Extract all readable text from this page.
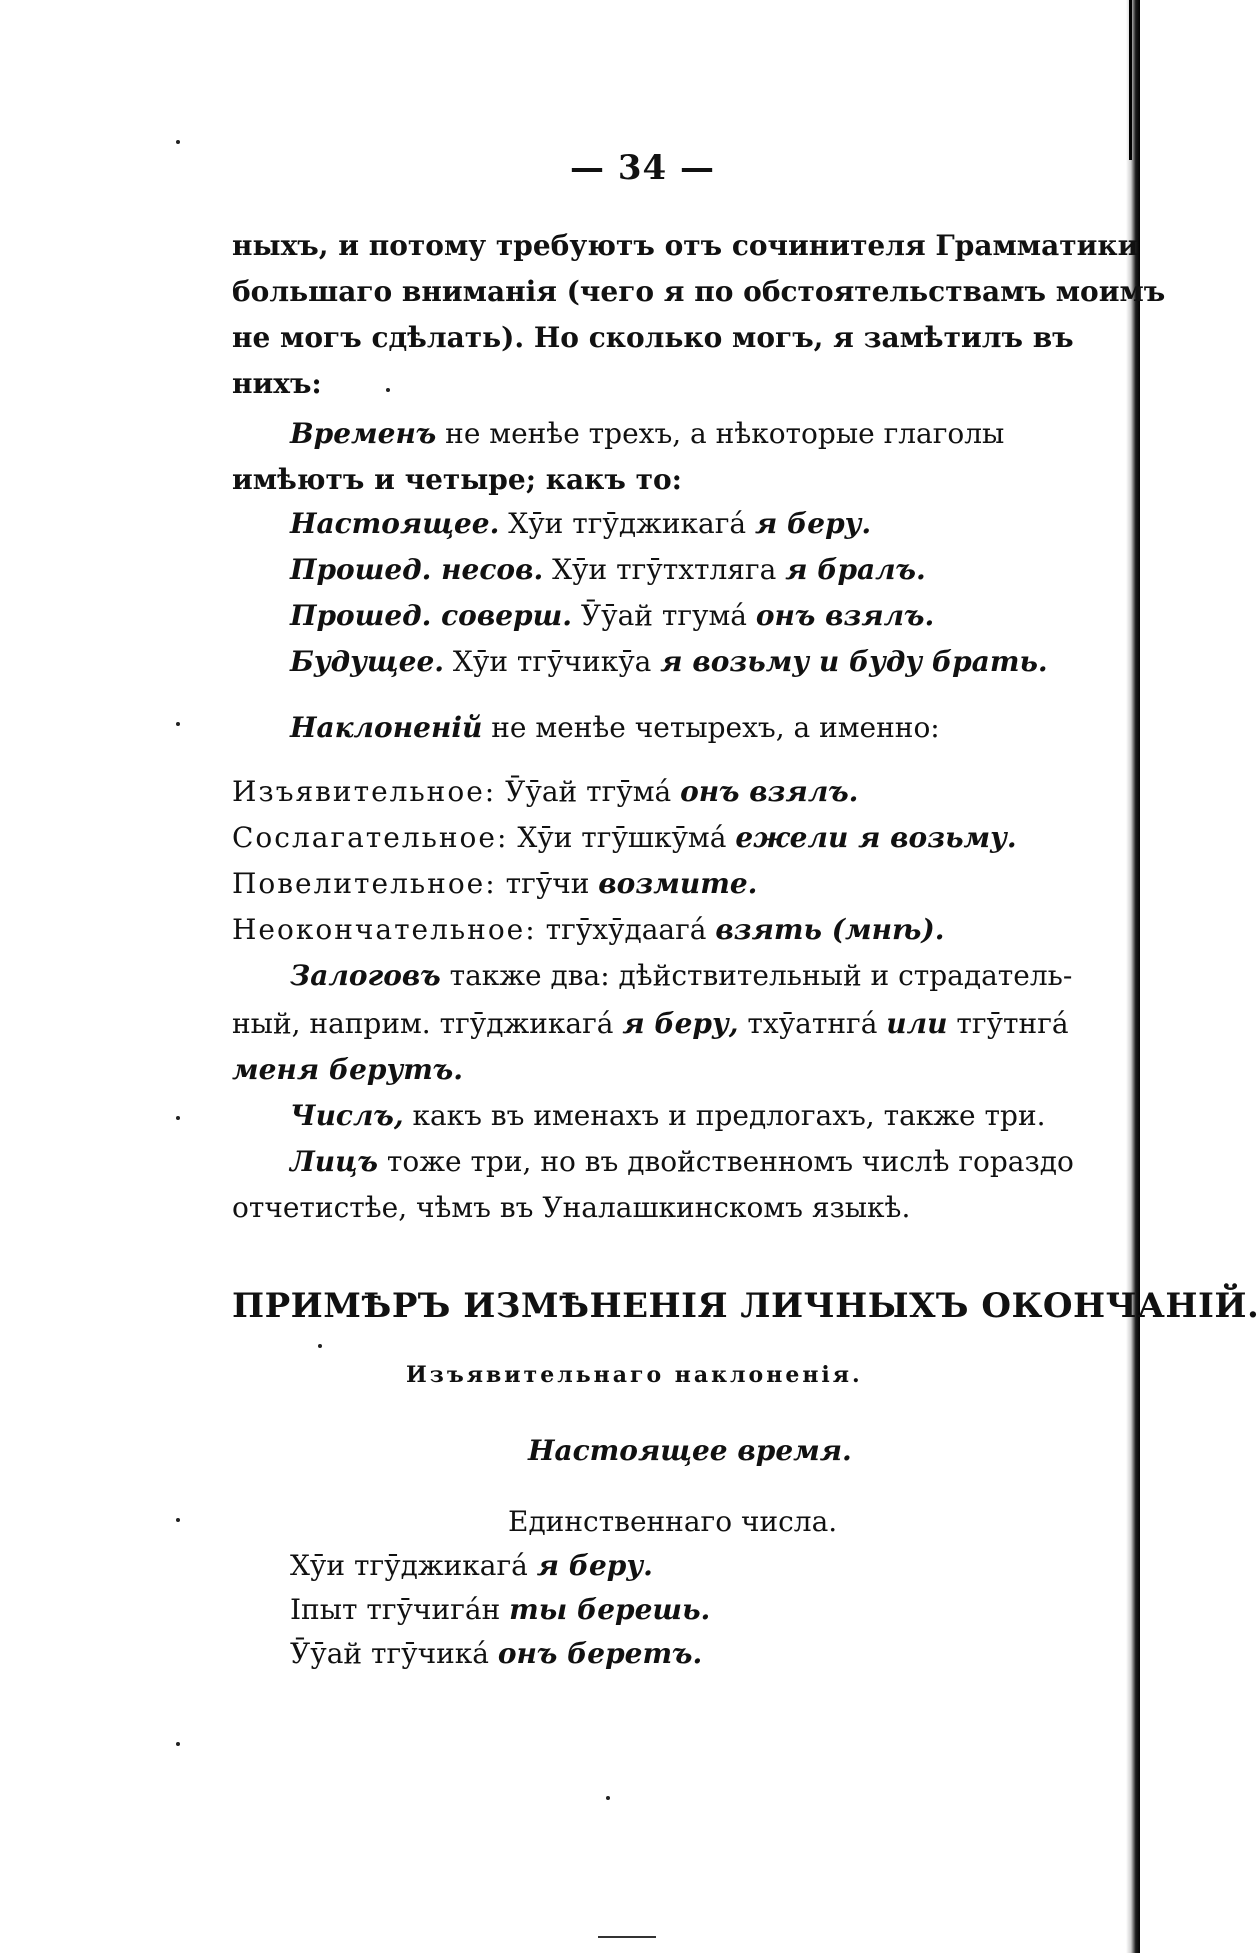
— 34 —
ныхъ, и потому требуютъ отъ сочинителя Грамматики
большаго вниманія (чего я по обстоятельствамъ моимъ
не могъ сдѣлать). Но сколько могъ, я замѣтилъ въ
нихъ:
Временъ не менѣе трехъ, а нѣкоторые глаголы
имѣютъ и четыре; какъ то:
Настоящее. Хӯи тгӯджикага́ я беру.
Прошед. несов. Хӯи тгӯтхтляга я бралъ.
Прошед. соверш. Ӯӯай тгума́ онъ взялъ.
Будущее. Хӯи тгӯчикӯа я возьму и буду брать.
Наклоненій не менѣе четырехъ, а именно:
Изъявительное: Ӯӯай тгӯма́ онъ взялъ.
Сослагательное: Хӯи тгӯшкӯма́ ежели я возьму.
Повелительное: тгӯчи возмите.
Неокончательное: тгӯхӯдаага́ взять (мнѣ).
Залоговъ также два: дѣйствительный и страдатель-
ный, наприм. тгӯджикага́ я беру, тхӯатнга́ или тгӯтнга́
меня берутъ.
Числъ, какъ въ именахъ и предлогахъ, также три.
Лицъ тоже три, но въ двойственномъ числѣ гораздо
отчетистѣе, чѣмъ въ Уналашкинскомъ языкѣ.
ПРИМѢРЪ ИЗМѢНЕНІЯ ЛИЧНЫХЪ ОКОНЧАНІЙ.
Изъявительнаго наклоненія.
Настоящее время.
Единственнаго числа.
Хӯи тгӯджикага́ я беру.
Ӏпыт тгӯчига́н ты берешь.
Ӯӯай тгӯчика́ онъ беретъ.
